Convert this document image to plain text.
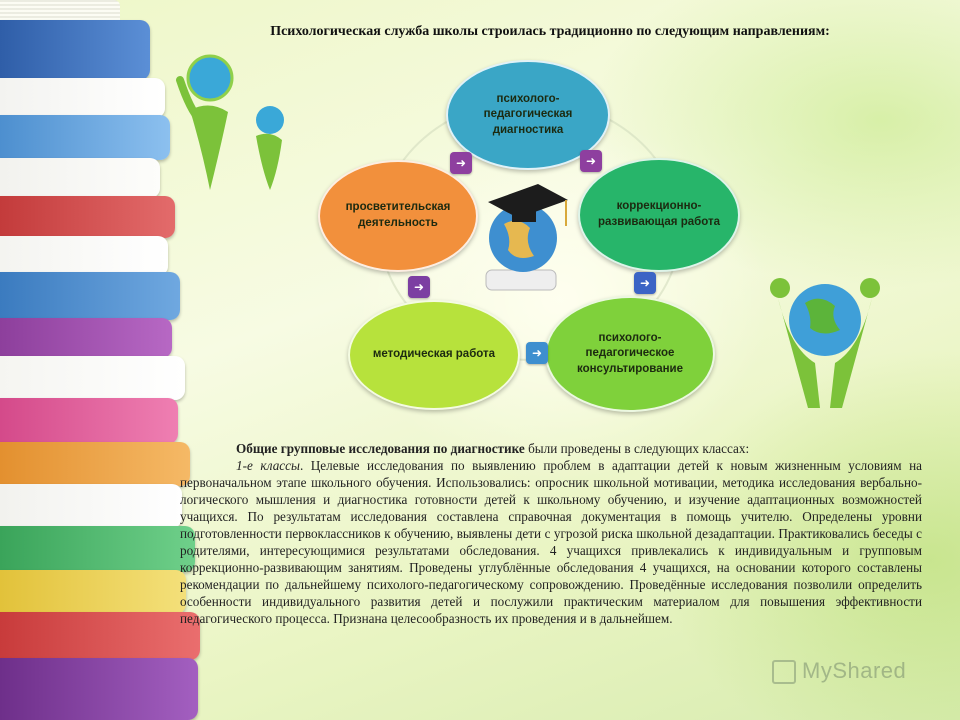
Психологическая служба школы строилась традиционно по следующим направлениям:
психолого-педагогическая диагностика
коррекционно-развивающая работа
психолого-педагогическое консультирование
методическая работа
просветительская деятельность
➜
➜
➜
➜
➜

Общие групповые исследования по диагностике были проведены в следующих классах:

1-е классы. Целевые исследования по выявлению проблем в адаптации детей к новым жизненным условиям на первоначальном этапе школьного обучения. Использовались: опросник школьной мотивации, методика исследования вербально-логического мышления и диагностика готовности детей к школьному обучению, и изучение адаптационных возможностей учащихся. По результатам исследования составлена справочная документация в помощь учителю. Определены уровни подготовленности первоклассников к обучению, выявлены дети с угрозой риска школьной дезадаптации. Практиковались беседы с родителями, интересующимися результатами обследования. 4 учащихся привлекались к индивидуальным и групповым коррекционно-развивающим занятиям. Проведены углублённые обследования 4 учащихся, на основании которого составлены рекомендации по дальнейшему психолого-педагогическому сопровождению. Проведённые исследования позволили определить особенности индивидуального развития детей и послужили практическим материалом для повышения эффективности педагогического процесса. Признана целесообразность их проведения и в дальнейшем.

MyShared
